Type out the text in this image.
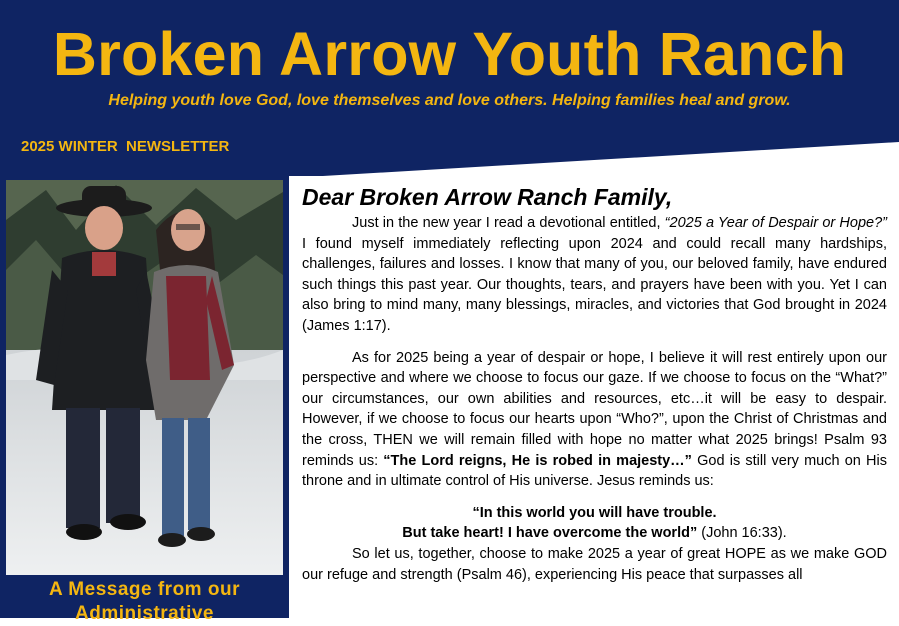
Broken Arrow Youth Ranch
Helping youth love God, love themselves and love others. Helping families heal and grow.
2025 WINTER  NEWSLETTER
A Message from our
Administrative
Dear Broken Arrow Ranch Family,

Just in the new year I read a devotional entitled, “2025 a Year of Despair or Hope?” I found myself immediately reflecting upon 2024 and could recall many hardships, challenges, failures and losses. I know that many of you, our beloved family, have endured such things this past year. Our thoughts, tears, and prayers have been with you. Yet I can also bring to mind many, many blessings, miracles, and victories that God brought in 2024 (James 1:17).

As for 2025 being a year of despair or hope, I believe it will rest entirely upon our perspective and where we choose to focus our gaze. If we choose to focus on the “What?” our circumstances, our own abilities and resources, etc…it will be easy to despair. However, if we choose to focus our hearts upon “Who?”, upon the Christ of Christmas and the cross, THEN we will remain filled with hope no matter what 2025 brings! Psalm 93 reminds us: “The Lord reigns, He is robed in majesty…” God is still very much on His throne and in ultimate control of His universe. Jesus reminds us:

“In this world you will have trouble.

But take heart! I have overcome the world” (John 16:33).

So let us, together, choose to make 2025 a year of great HOPE as we make GOD our refuge and strength (Psalm 46), experiencing His peace that surpasses all
